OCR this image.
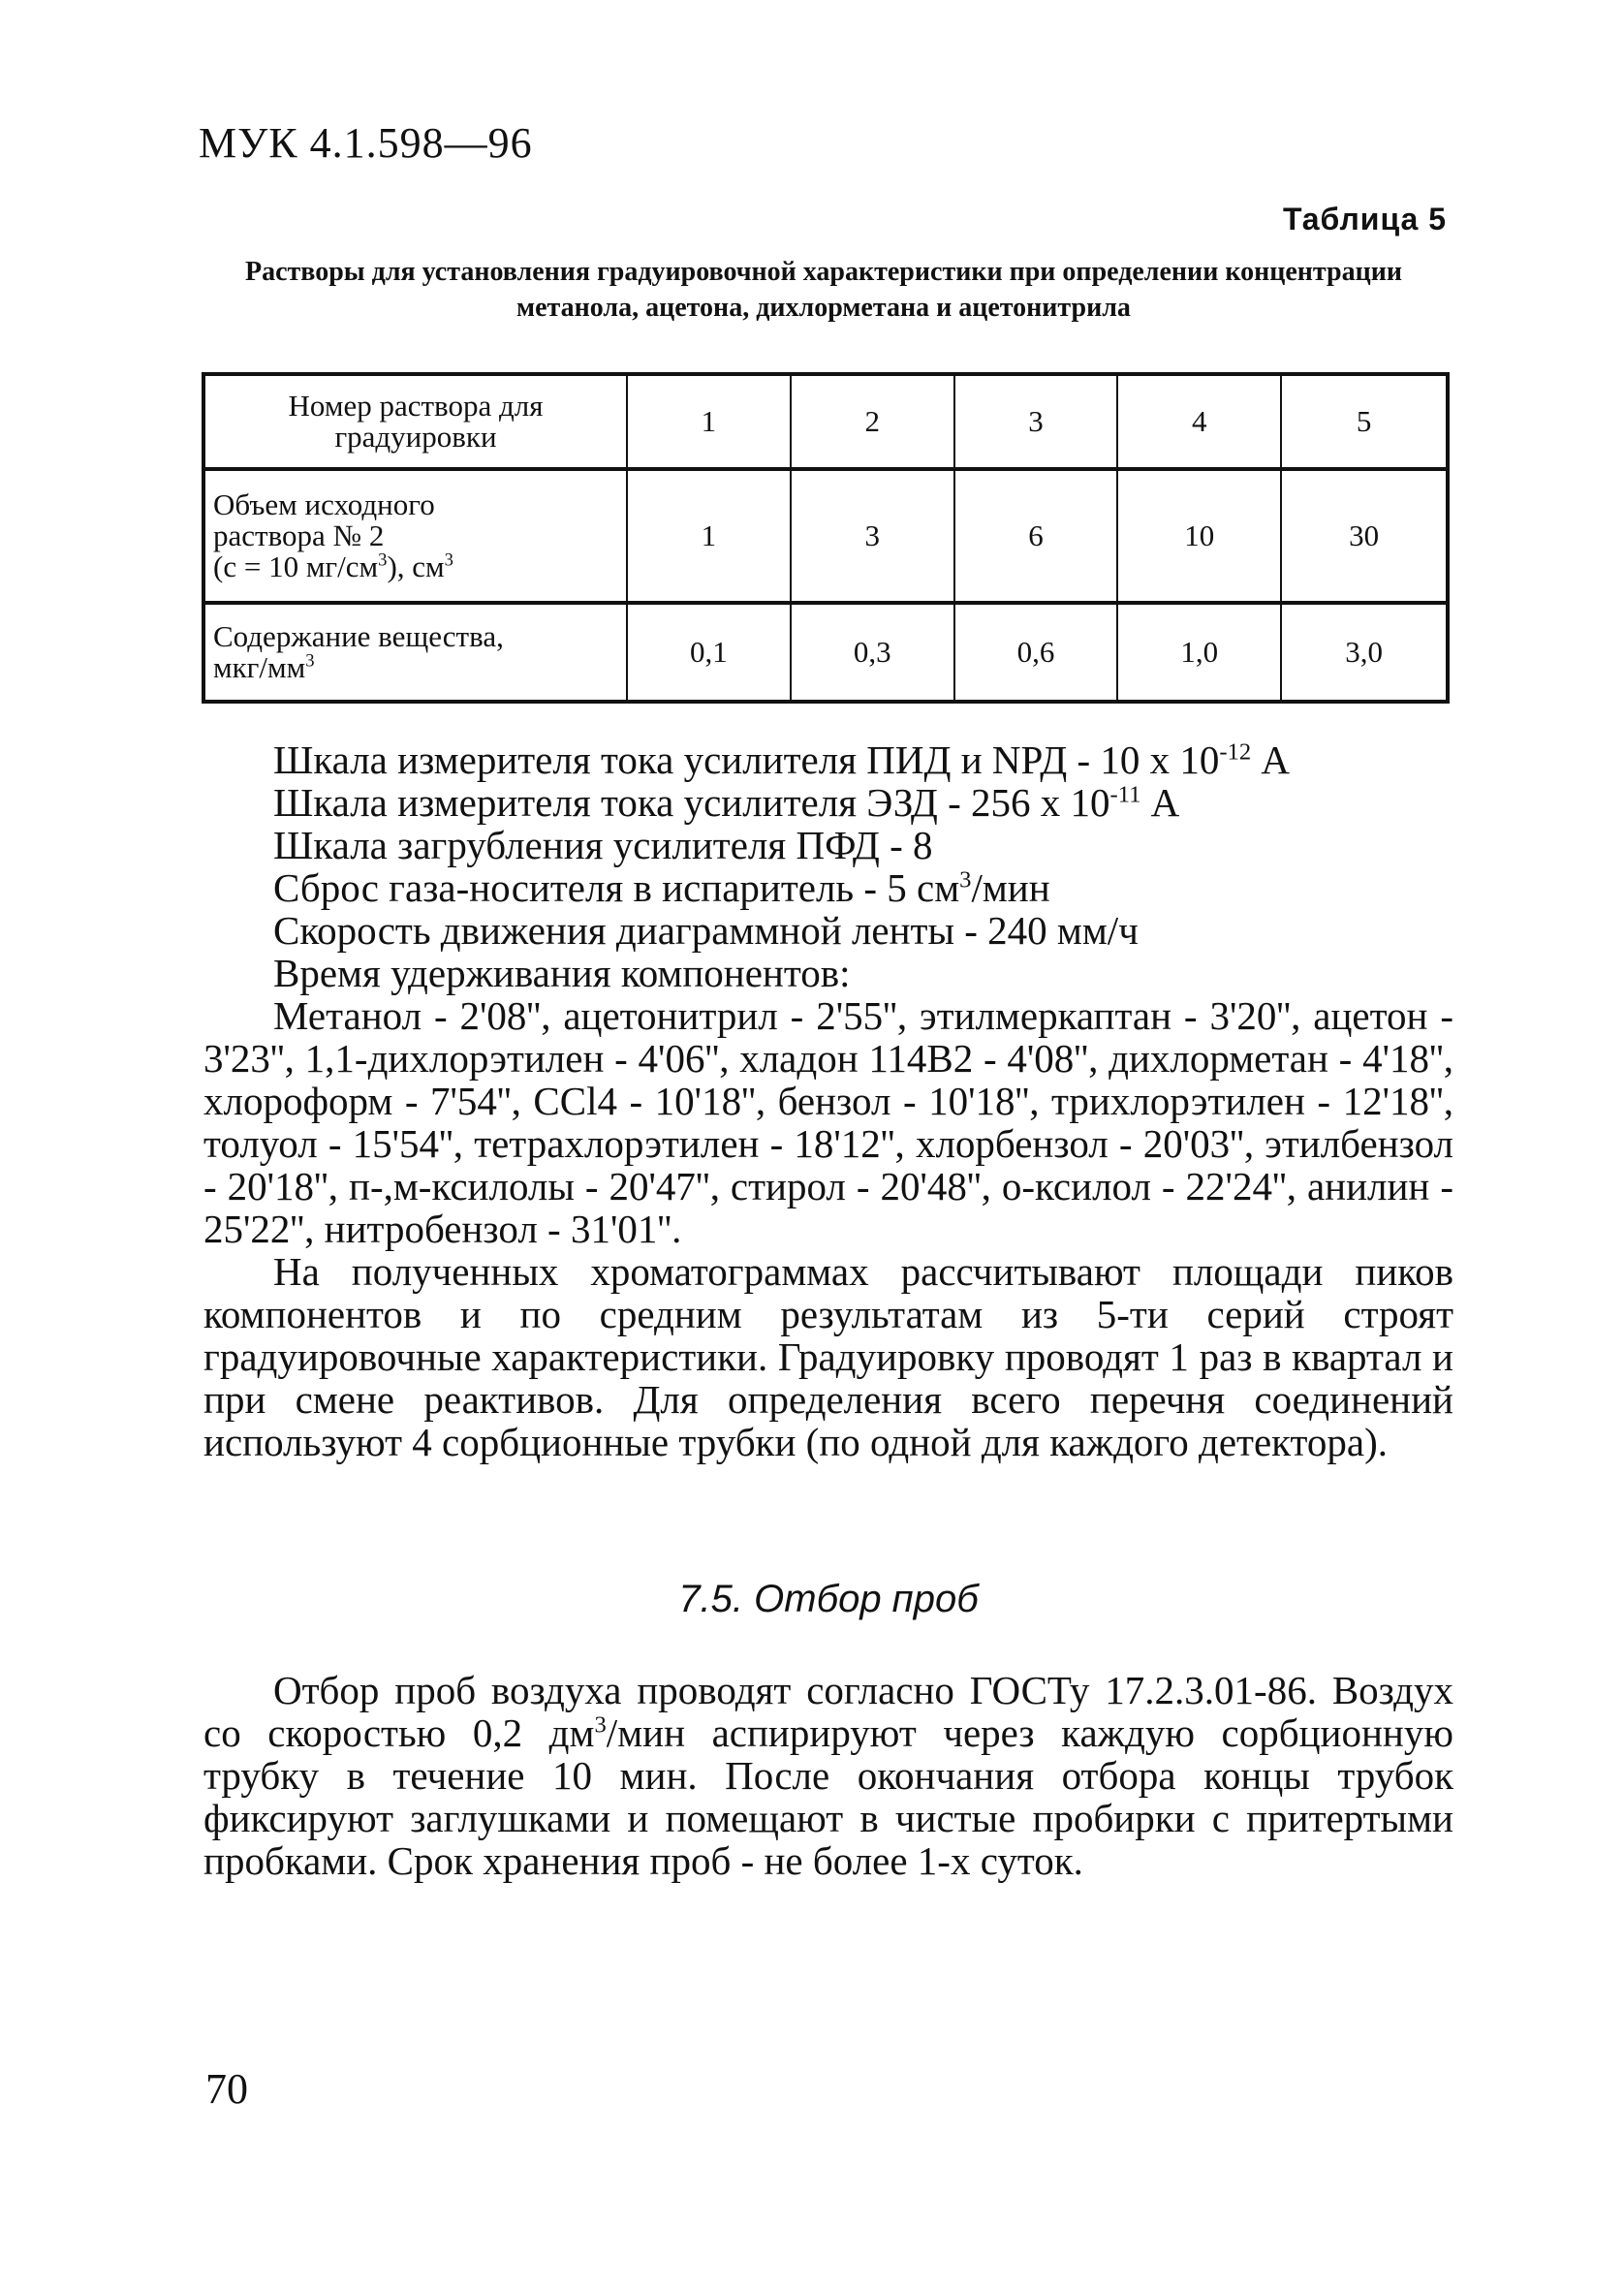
МУК 4.1.598—96
Таблица 5
Растворы для установления градуировочной характеристики при определении концентрации метанола, ацетона, дихлорметана и ацетонитрила
Номер раствора для градуировки	1	2	3	4	5
Объем исходного
раствора № 2
(с = 10 $мг/см^3$), $см^3$	1	3	6	10	30
Содержание вещества,
мкг/$мм^3$	0,1	0,3	0,6	1,0	3,0
Шкала измерителя тока усилителя ПИД и NРД - 10 х $10^{-12}$ А
Шкала измерителя тока усилителя ЭЗД - 256 х $10^{-11}$ А
Шкала загрубления усилителя ПФД - 8
Сброс газа-носителя в испаритель - 5 $см^3$/мин
Скорость движения диаграммной ленты - 240 мм/ч
Время удерживания компонентов:

Метанол - 2'08'', ацетонитрил - 2'55'', этилмеркаптан - 3'20'', ацетон - 3'23'', 1,1-дихлорэтилен - 4'06'', хладон 114В2 - 4'08'', дихлорметан - 4'18'', хлороформ - 7'54'', CCl4 - 10'18'', бензол - 10'18'', трихлорэтилен - 12'18'', толуол - 15'54'', тетрахлорэтилен - 18'12'', хлорбензол - 20'03'', этилбензол - 20'18'', п-,м-ксилолы - 20'47'', стирол - 20'48'', о-ксилол - 22'24'', анилин - 25'22'', нитробензол - 31'01''.

На полученных хроматограммах рассчитывают площади пиков компонентов и по средним результатам из 5-ти серий строят градуировочные характеристики. Градуировку проводят 1 раз в квартал и при смене реактивов. Для определения всего перечня соединений используют 4 сорбционные трубки (по одной для каждого детектора).

7.5. Отбор проб

Отбор проб воздуха проводят согласно ГОСТу 17.2.3.01-86. Воздух со скоростью 0,2 $дм^3$/мин аспирируют через каждую сорбционную трубку в течение 10 мин. После окончания отбора концы трубок фиксируют заглушками и помещают в чистые пробирки с притертыми пробками. Срок хранения проб - не более 1-х суток.

70
